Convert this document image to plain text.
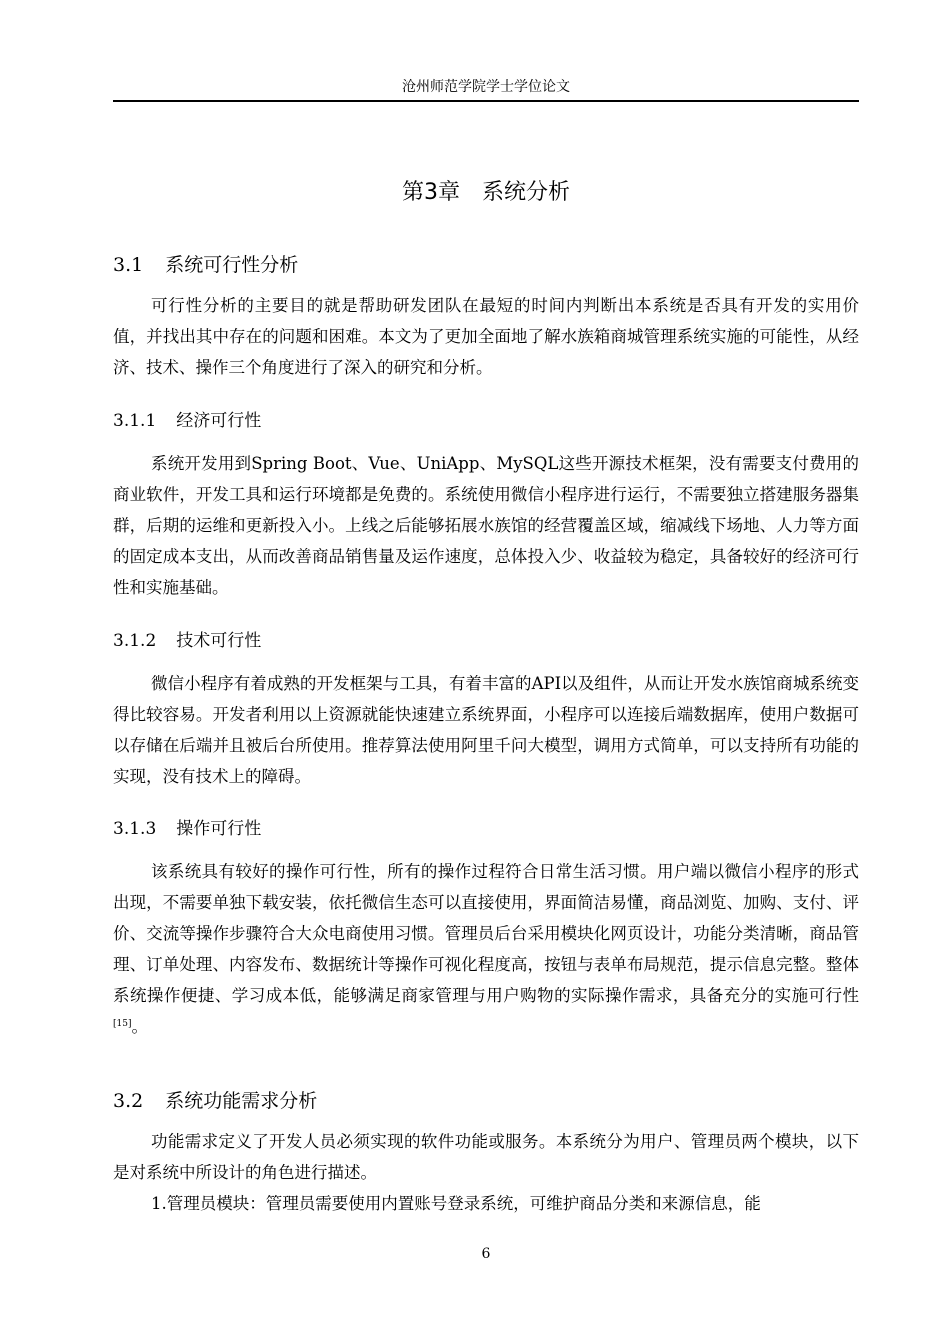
沧州师范学院学士学位论文
第3章 系统分析
3.1 系统可行性分析
可行性分析的主要目的就是帮助研发团队在最短的时间内判断出本系统是否具有开发的实用价值，并找出其中存在的问题和困难。本文为了更加全面地了解水族箱商城管理系统实施的可能性，从经济、技术、操作三个角度进行了深入的研究和分析。
3.1.1 经济可行性
系统开发用到Spring Boot、Vue、UniApp、MySQL这些开源技术框架，没有需要支付费用的商业软件，开发工具和运行环境都是免费的。系统使用微信小程序进行运行，不需要独立搭建服务器集群，后期的运维和更新投入小。上线之后能够拓展水族馆的经营覆盖区域，缩减线下场地、人力等方面的固定成本支出，从而改善商品销售量及运作速度，总体投入少、收益较为稳定，具备较好的经济可行性和实施基础。
3.1.2 技术可行性
微信小程序有着成熟的开发框架与工具，有着丰富的API以及组件，从而让开发水族馆商城系统变得比较容易。开发者利用以上资源就能快速建立系统界面，小程序可以连接后端数据库，使用户数据可以存储在后端并且被后台所使用。推荐算法使用阿里千问大模型，调用方式简单，可以支持所有功能的实现，没有技术上的障碍。
3.1.3 操作可行性
该系统具有较好的操作可行性，所有的操作过程符合日常生活习惯。用户端以微信小程序的形式出现，不需要单独下载安装，依托微信生态可以直接使用，界面简洁易懂，商品浏览、加购、支付、评价、交流等操作步骤符合大众电商使用习惯。管理员后台采用模块化网页设计，功能分类清晰，商品管理、订单处理、内容发布、数据统计等操作可视化程度高，按钮与表单布局规范，提示信息完整。整体系统操作便捷、学习成本低，能够满足商家管理与用户购物的实际操作需求，具备充分的实施可行性[15]。
3.2 系统功能需求分析
功能需求定义了开发人员必须实现的软件功能或服务。本系统分为用户、管理员两个模块，以下是对系统中所设计的角色进行描述。
1.管理员模块：管理员需要使用内置账号登录系统，可维护商品分类和来源信息，能
6
